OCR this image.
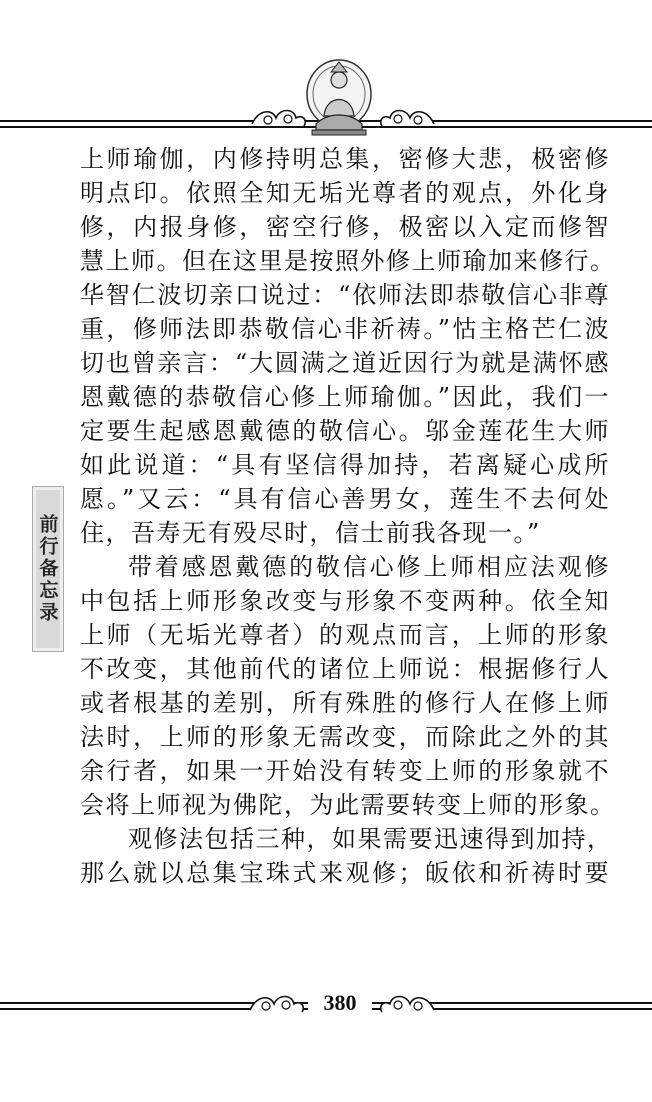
前行备忘录
上师瑜伽，内修持明总集，密修大悲，极密修
明点印。依照全知无垢光尊者的观点，外化身
修，内报身修，密空行修，极密以入定而修智
慧上师。但在这里是按照外修上师瑜加来修行。
华智仁波切亲口说过：“依师法即恭敬信心非尊
重，修师法即恭敬信心非祈祷。”怙主格芒仁波
切也曾亲言：“大圆满之道近因行为就是满怀感
恩戴德的恭敬信心修上师瑜伽。”因此，我们一
定要生起感恩戴德的敬信心。邬金莲花生大师
如此说道：“具有坚信得加持，若离疑心成所
愿。”又云：“具有信心善男女，莲生不去何处
住，吾寿无有殁尽时，信士前我各现一。”
带着感恩戴德的敬信心修上师相应法观修
中包括上师形象改变与形象不变两种。依全知
上师（无垢光尊者）的观点而言，上师的形象
不改变，其他前代的诸位上师说：根据修行人
或者根基的差别，所有殊胜的修行人在修上师
法时，上师的形象无需改变，而除此之外的其
余行者，如果一开始没有转变上师的形象就不
会将上师视为佛陀，为此需要转变上师的形象。
观修法包括三种，如果需要迅速得到加持，
那么就以总集宝珠式来观修；皈依和祈祷时要
380
